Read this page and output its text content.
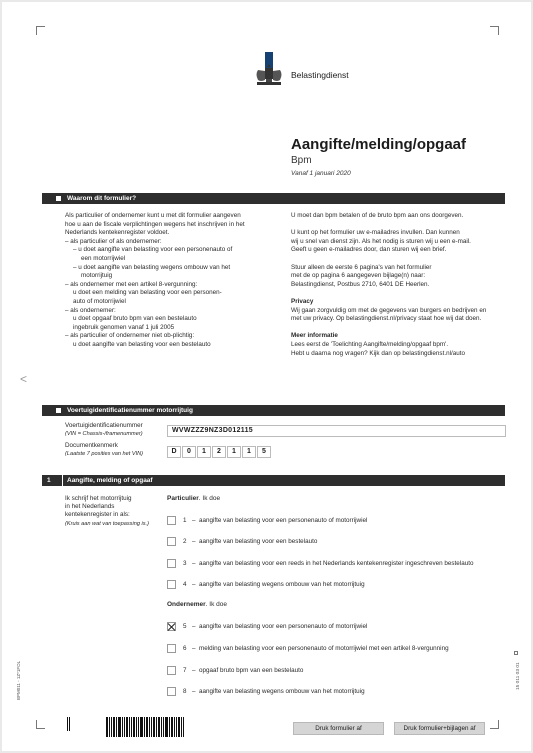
Belastingdienst
Aangifte/melding/opgaaf
Bpm
Vanaf 1 januari 2020
Waarom dit formulier?

Als particulier of ondernemer kunt u met dit formulier aangeven

hoe u aan de fiscale verplichtingen wegens het inschrijven in het

Nederlands kentekenregister voldoet.

– als particulier of als ondernemer:

– u doet aangifte van belasting voor een personenauto of

een motorrijwiel

– u doet aangifte van belasting wegens ombouw van het

motorrijtuig

– als ondernemer met een artikel 8-vergunning:

u doet een melding van belasting voor een personen-

auto of motorrijwiel

– als ondernemer:

u doet opgaaf bruto bpm van een bestelauto

ingebruik genomen vanaf 1 juli 2005

– als particulier of ondernemer niet ob-plichtig:

u doet aangifte van belasting voor een bestelauto

U moet dan bpm betalen of de bruto bpm aan ons doorgeven.

U kunt op het formulier uw e-mailadres invullen. Dan kunnen

wij u snel van dienst zijn. Als het nodig is sturen wij u een e-mail.

Geeft u geen e-mailadres door, dan sturen wij een brief.

Stuur alleen de eerste 6 pagina's van het formulier

met de op pagina 6 aangegeven bijlage(n) naar:

Belastingdienst, Postbus 2710, 6401 DE Heerlen.

Privacy

Wij gaan zorgvuldig om met de gegevens van burgers en bedrijven en

met uw privacy. Op belastingdienst.nl/privacy staat hoe wij dat doen.

Meer informatie

Lees eerst de 'Toelichting Aangifte/melding/opgaaf bpm'.

Hebt u daarna nog vragen? Kijk dan op belastingdienst.nl/auto

<
Voertuigidentificatienummer motorrijtuig
Voertuigidentificatienummer
(VIN = Chassis-/framenummer)	WVWZZZ9NZ3D012115
Documentkenmerk
(Laatste 7 posities van het VIN)	D	0	1	2	1	1	5
1	Aangifte, melding of opgaaf
Ik schrijf het motorrijtuig
in het Nederlands
kentekenregister in als:
(Kruis aan wat van toepassing is.)
Particulier. Ik doe
1 –
aangifte van belasting voor een personenauto of motorrijwiel
2 –
aangifte van belasting voor een bestelauto
3 –
aangifte van belasting voor een reeds in het Nederlands kentekenregister ingeschreven bestelauto
4 –
aangifte van belasting wegens ombouw van het motorrijtuig
Ondernemer. Ik doe
5 –
aangifte van belasting voor een personenauto of motorrijwiel
6 –
melding van belasting voor een personenauto of motorrijwiel met een artikel 8-vergunning
7 –
opgaaf bruto bpm van een bestelauto
8 –
aangifte van belasting wegens ombouw van het motorrijtuig
BPM011 - 1Z*1FOL	15 011 03 01
Druk formulier af	Druk formulier+bijlagen af
